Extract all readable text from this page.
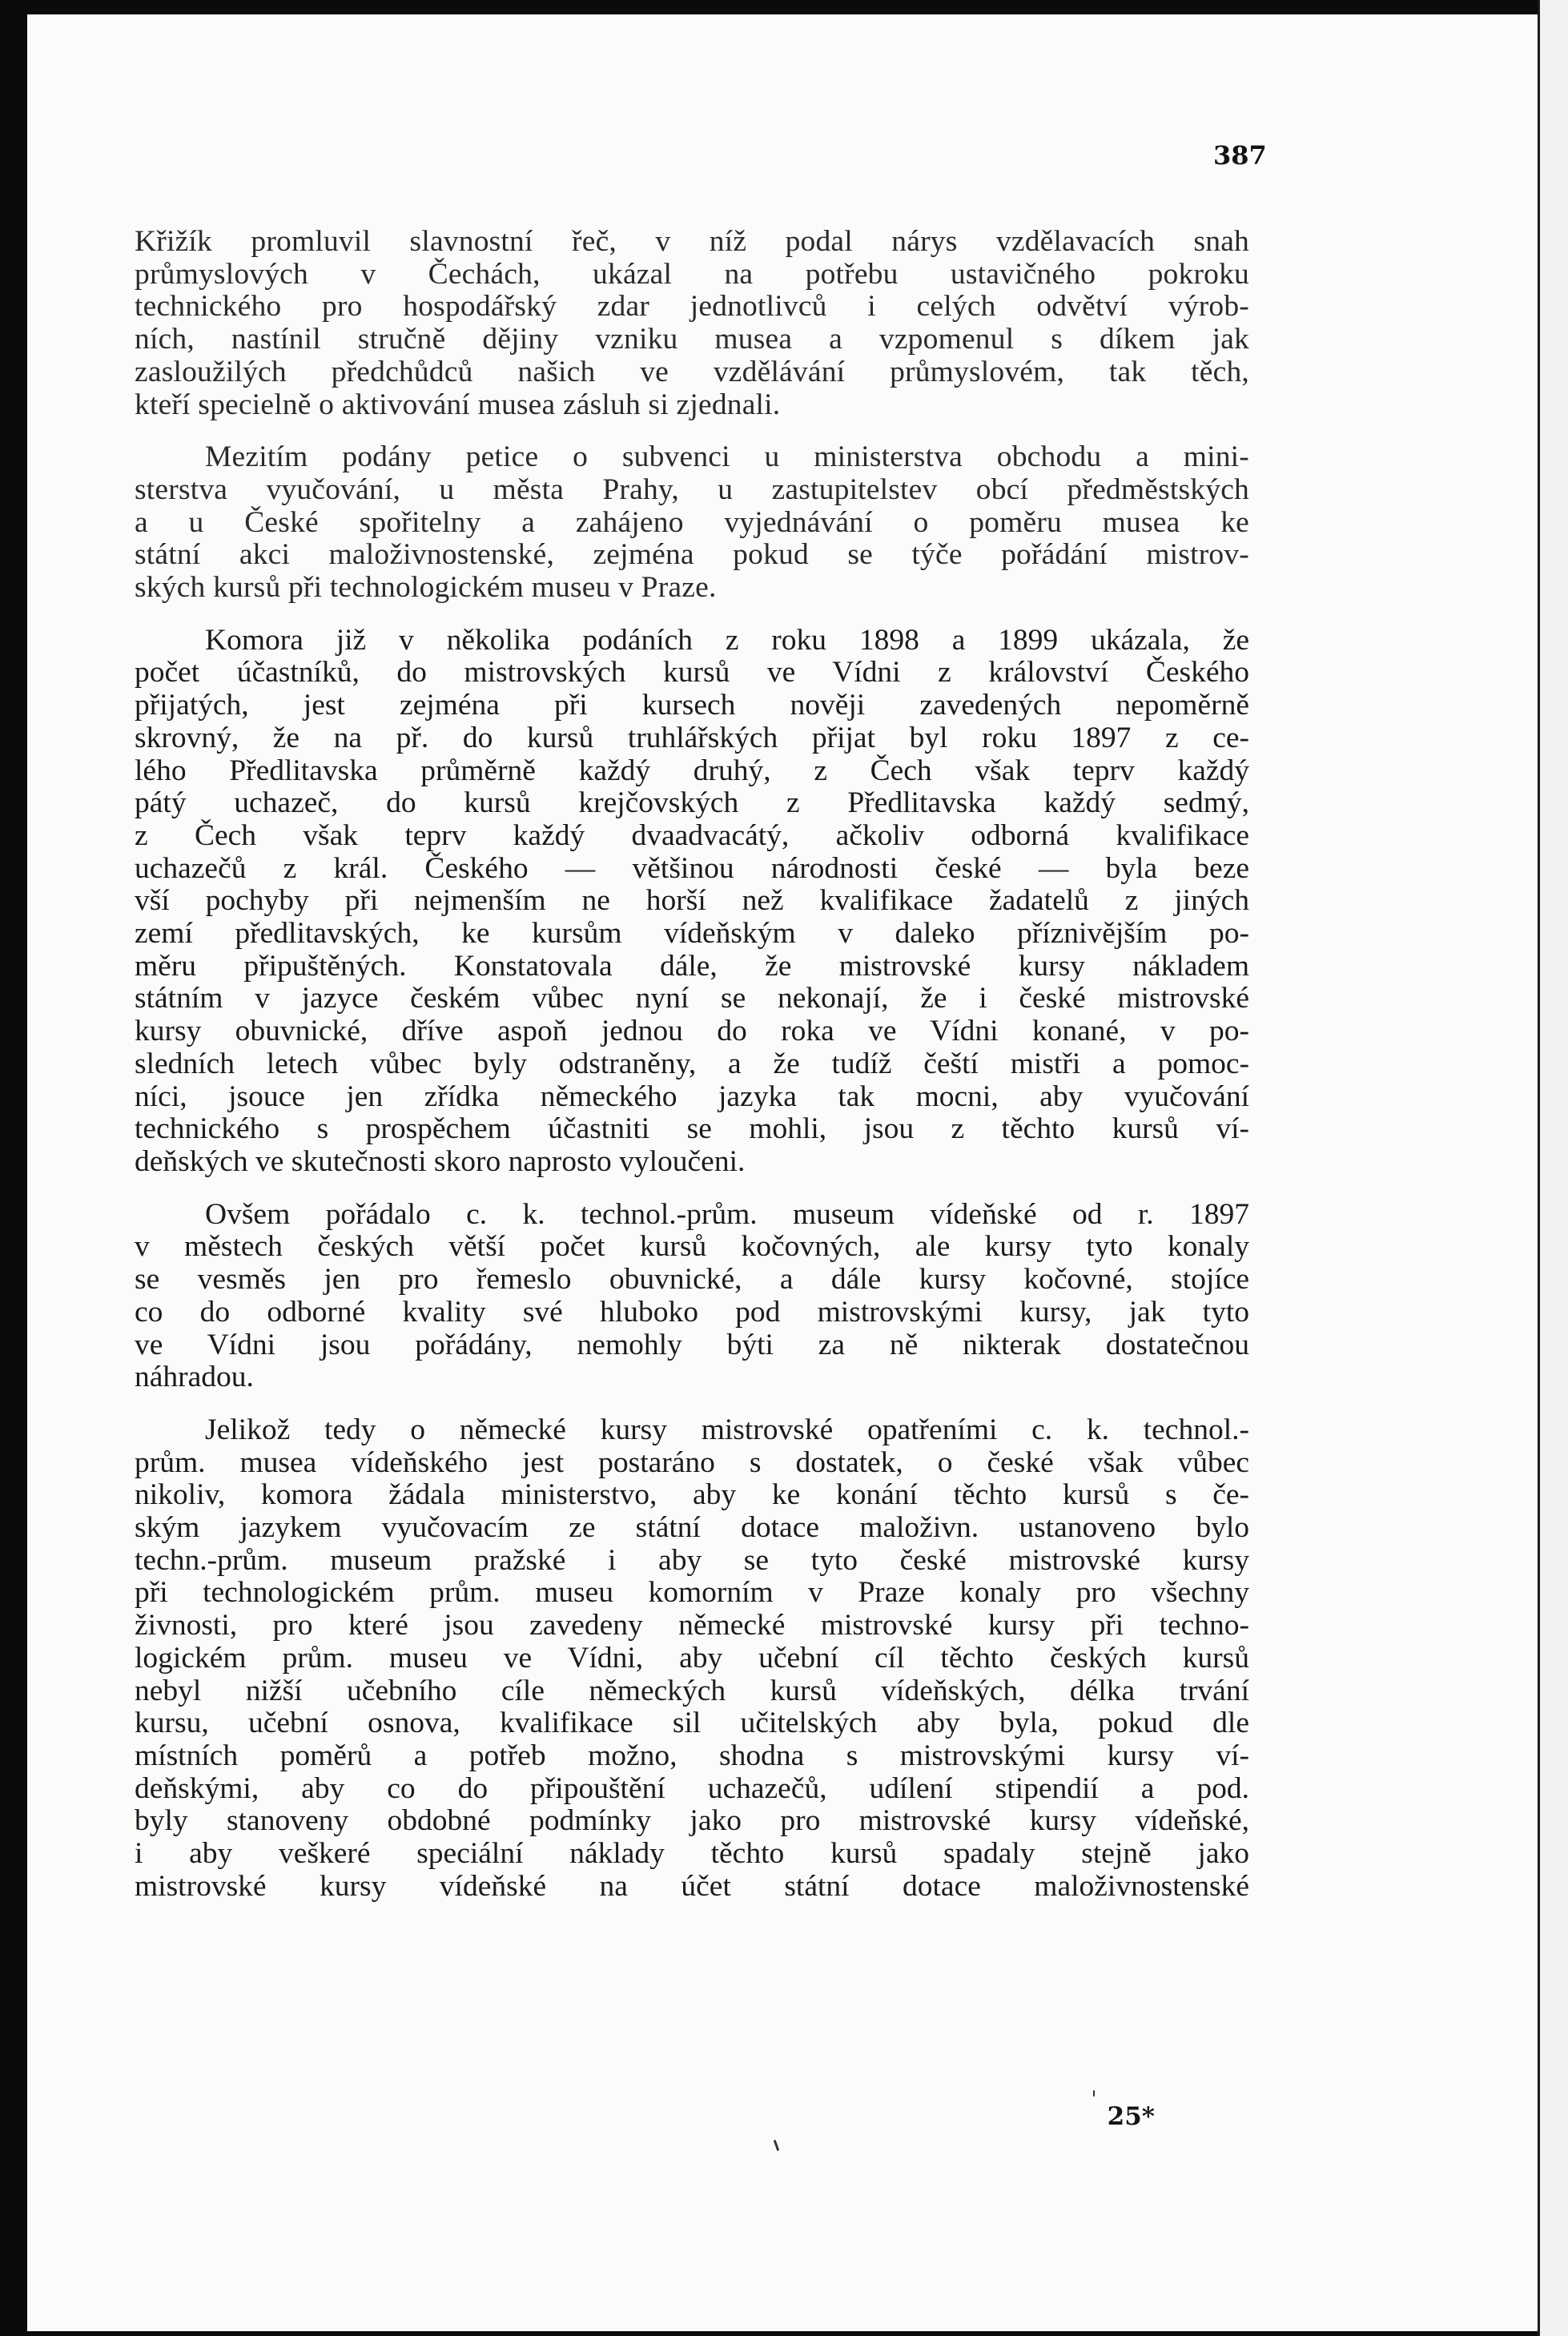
387
Křižík promluvil slavnostní řeč, v níž podal nárys vzdělavacích snah
průmyslových v Čechách, ukázal na potřebu ustavičného pokroku
technického pro hospodářský zdar jednotlivců i celých odvětví výrob-
ních, nastínil stručně dějiny vzniku musea a vzpomenul s díkem jak
zasloužilých předchůdců našich ve vzdělávání průmyslovém, tak těch,
kteří specielně o aktivování musea zásluh si zjednali.
Mezitím podány petice o subvenci u ministerstva obchodu a mini-
sterstva vyučování, u města Prahy, u zastupitelstev obcí předměstských
a u České spořitelny a zahájeno vyjednávání o poměru musea ke
státní akci maloživnostenské, zejména pokud se týče pořádání mistrov-
ských kursů při technologickém museu v Praze.
Komora již v několika podáních z roku 1898 a 1899 ukázala, že
počet účastníků, do mistrovských kursů ve Vídni z království Českého
přijatých, jest zejména při kursech nověji zavedených nepoměrně
skrovný, že na př. do kursů truhlářských přijat byl roku 1897 z ce-
lého Předlitavska průměrně každý druhý, z Čech však teprv každý
pátý uchazeč, do kursů krejčovských z Předlitavska každý sedmý,
z Čech však teprv každý dvaadvacátý, ačkoliv odborná kvalifikace
uchazečů z král. Českého — většinou národnosti české — byla beze
vší pochyby při nejmenším ne horší než kvalifikace žadatelů z jiných
zemí předlitavských, ke kursům vídeňským v daleko příznivějším po-
měru připuštěných. Konstatovala dále, že mistrovské kursy nákladem
státním v jazyce českém vůbec nyní se nekonají, že i české mistrovské
kursy obuvnické, dříve aspoň jednou do roka ve Vídni konané, v po-
sledních letech vůbec byly odstraněny, a že tudíž čeští mistři a pomoc-
níci, jsouce jen zřídka německého jazyka tak mocni, aby vyučování
technického s prospěchem účastniti se mohli, jsou z těchto kursů ví-
deňských ve skutečnosti skoro naprosto vyloučeni.
Ovšem pořádalo c. k. technol.-prům. museum vídeňské od r. 1897
v městech českých větší počet kursů kočovných, ale kursy tyto konaly
se vesměs jen pro řemeslo obuvnické, a dále kursy kočovné, stojíce
co do odborné kvality své hluboko pod mistrovskými kursy, jak tyto
ve Vídni jsou pořádány, nemohly býti za ně nikterak dostatečnou
náhradou.
Jelikož tedy o německé kursy mistrovské opatřeními c. k. technol.-
prům. musea vídeňského jest postaráno s dostatek, o české však vůbec
nikoliv, komora žádala ministerstvo, aby ke konání těchto kursů s če-
ským jazykem vyučovacím ze státní dotace maloživn. ustanoveno bylo
techn.-prům. museum pražské i aby se tyto české mistrovské kursy
při technologickém prům. museu komorním v Praze konaly pro všechny
živnosti, pro které jsou zavedeny německé mistrovské kursy při techno-
logickém prům. museu ve Vídni, aby učební cíl těchto českých kursů
nebyl nižší učebního cíle německých kursů vídeňských, délka trvání
kursu, učební osnova, kvalifikace sil učitelských aby byla, pokud dle
místních poměrů a potřeb možno, shodna s mistrovskými kursy ví-
deňskými, aby co do připouštění uchazečů, udílení stipendií a pod.
byly stanoveny obdobné podmínky jako pro mistrovské kursy vídeňské,
i aby veškeré speciální náklady těchto kursů spadaly stejně jako
mistrovské kursy vídeňské na účet státní dotace maloživnostenské
25*
